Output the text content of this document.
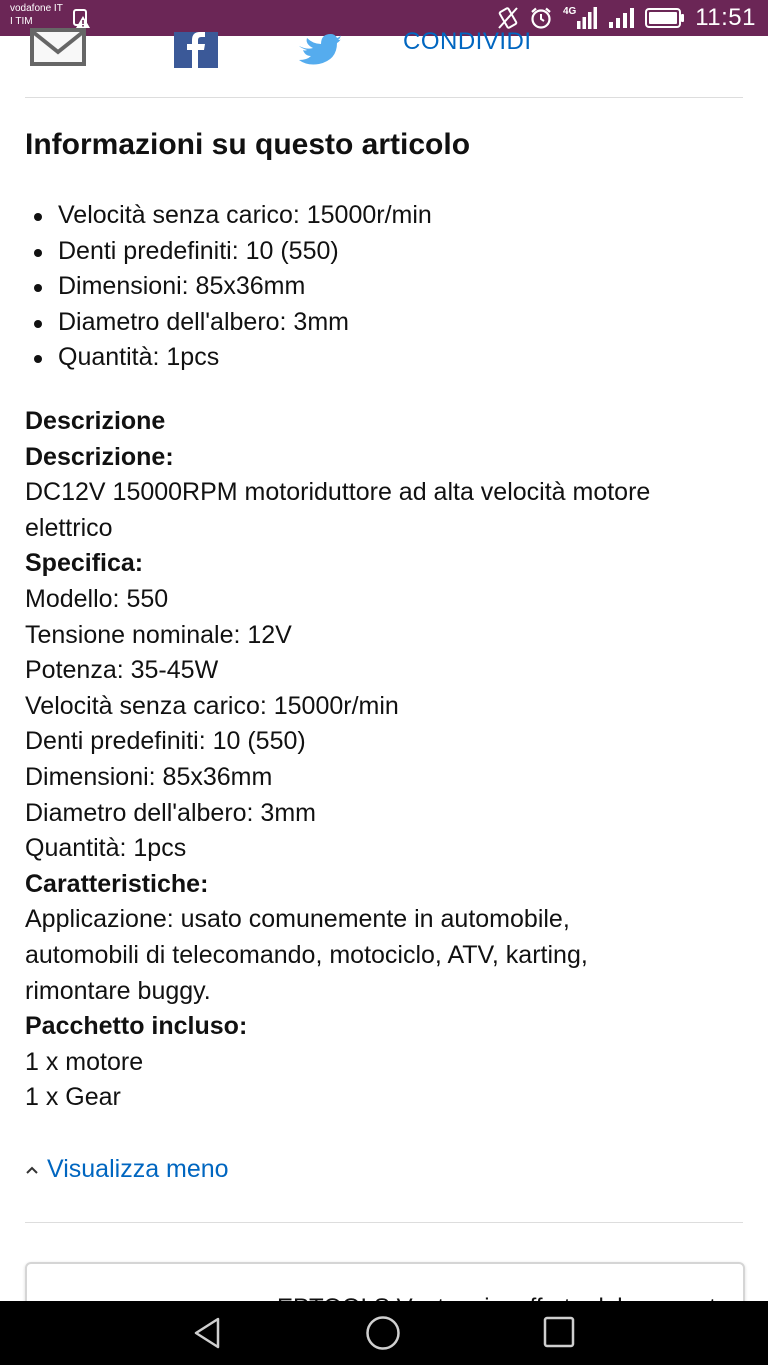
vodafone IT
I TIM
4G	11:51
CONDIVIDI
Informazioni su questo articolo
Velocità senza carico: 15000r/min
Denti predefiniti: 10 (550)
Dimensioni: 85x36mm
Diametro dell'albero: 3mm
Quantità: 1pcs
Descrizione
Descrizione:
DC12V 15000RPM motoriduttore ad alta velocità motore
elettrico
Specifica:
Modello: 550
Tensione nominale: 12V
Potenza: 35-45W
Velocità senza carico: 15000r/min
Denti predefiniti: 10 (550)
Dimensioni: 85x36mm
Diametro dell'albero: 3mm
Quantità: 1pcs
Caratteristiche:
Applicazione: usato comunemente in automobile,
automobili di telecomando, motociclo, ATV, karting,
rimontare buggy.
Pacchetto incluso:
1 x motore
1 x Gear
Visualizza meno
